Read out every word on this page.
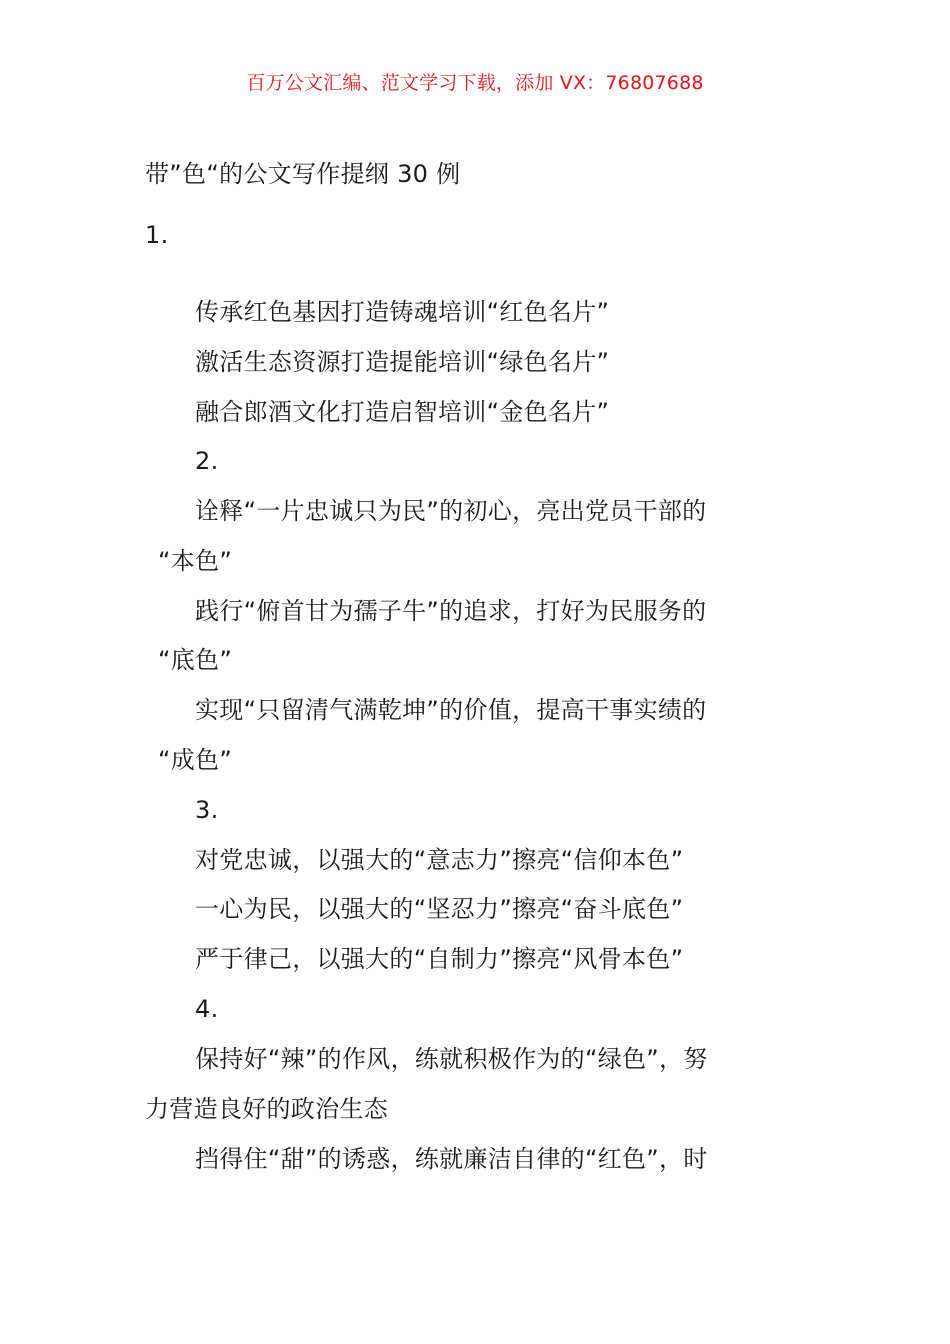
百万公文汇编、范文学习下载，添加 VX：76807688
带”色“的公文写作提纲 30 例
1.
传承红色基因打造铸魂培训“红色名片”
激活生态资源打造提能培训“绿色名片”
融合郎酒文化打造启智培训“金色名片”
2.
诠释“一片忠诚只为民”的初心，亮出党员干部的
“本色”
践行“俯首甘为孺子牛”的追求，打好为民服务的
“底色”
实现“只留清气满乾坤”的价值，提高干事实绩的
“成色”
3.
对党忠诚，以强大的“意志力”擦亮“信仰本色”
一心为民，以强大的“坚忍力”擦亮“奋斗底色”
严于律己，以强大的“自制力”擦亮“风骨本色”
4.
保持好“辣”的作风，练就积极作为的“绿色”，努
力营造良好的政治生态
挡得住“甜”的诱惑，练就廉洁自律的“红色”，时
